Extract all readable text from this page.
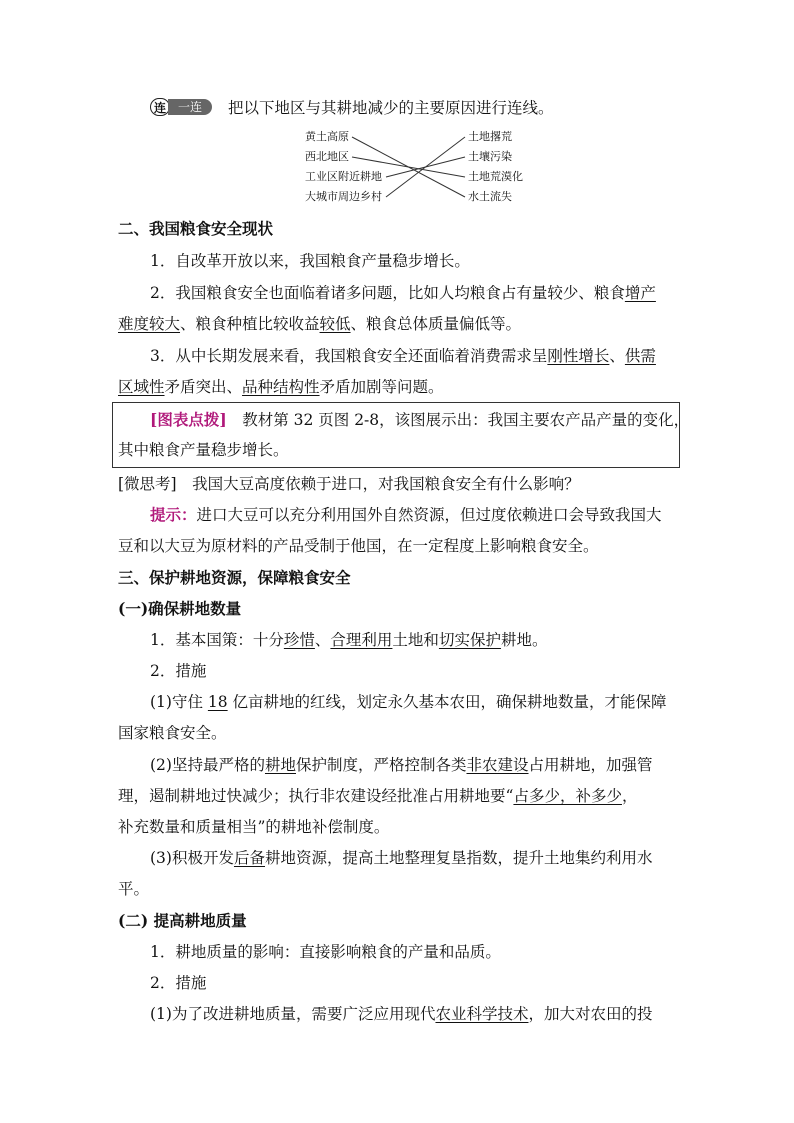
连 一连	把以下地区与其耕地减少的主要原因进行连线。
黄土高原
西北地区
工业区附近耕地
大城市周边乡村
土地撂荒
土壤污染
土地荒漠化
水土流失
二、我国粮食安全现状
1．自改革开放以来，我国粮食产量稳步增长。
2．我国粮食安全也面临着诸多问题，比如人均粮食占有量较少、粮食增产
难度较大、粮食种植比较收益较低、粮食总体质量偏低等。
3．从中长期发展来看，我国粮食安全还面临着消费需求呈刚性增长、供需
区域性矛盾突出、品种结构性矛盾加剧等问题。
[图表点拨]　 教材第 32 页图 2-8，该图展示出：我国主要农产品产量的变化，
其中粮食产量稳步增长。
[微思考]　 我国大豆高度依赖于进口，对我国粮食安全有什么影响？
提示：进口大豆可以充分利用国外自然资源，但过度依赖进口会导致我国大
豆和以大豆为原材料的产品受制于他国，在一定程度上影响粮食安全。
三、保护耕地资源，保障粮食安全
(一)确保耕地数量
1．基本国策：十分珍惜、合理利用土地和切实保护耕地。
2．措施
(1)守住 18 亿亩耕地的红线，划定永久基本农田，确保耕地数量，才能保障
国家粮食安全。
(2)坚持最严格的耕地保护制度，严格控制各类非农建设占用耕地，加强管
理，遏制耕地过快减少；执行非农建设经批准占用耕地要“占多少，补多少，
补充数量和质量相当”的耕地补偿制度。
(3)积极开发后备耕地资源，提高土地整理复垦指数，提升土地集约利用水
平。
(二) 提高耕地质量
1．耕地质量的影响：直接影响粮食的产量和品质。
2．措施
(1)为了改进耕地质量，需要广泛应用现代农业科学技术，加大对农田的投
